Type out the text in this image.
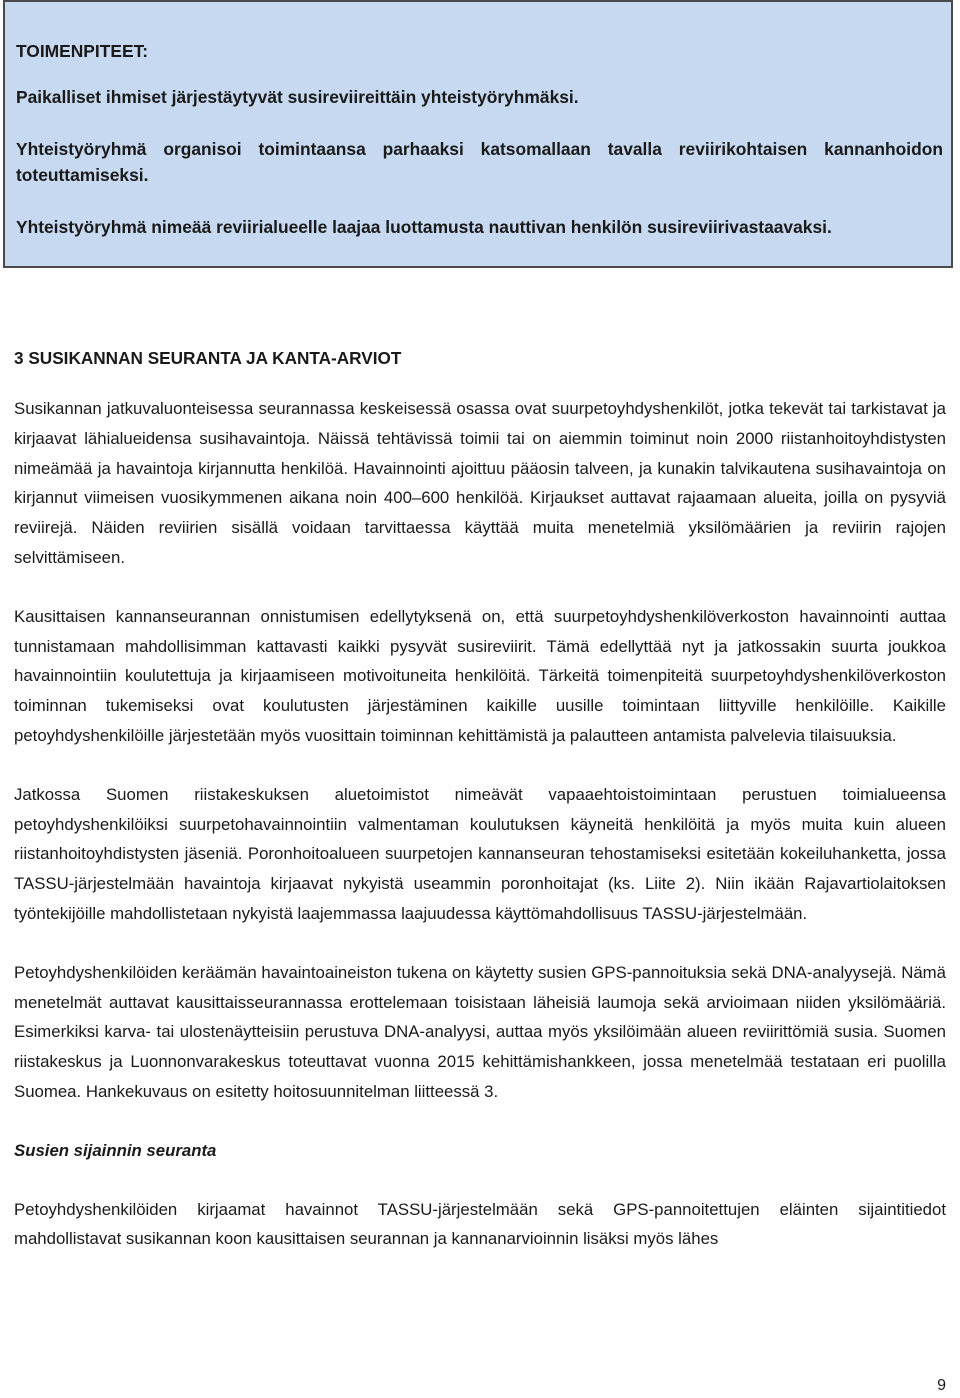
TOIMENPITEET:

Paikalliset ihmiset järjestäytyvät susireviireittäin yhteistyöryhmäksi.

Yhteistyöryhmä organisoi toimintaansa parhaaksi katsomallaan tavalla reviirikohtaisen kannanhoidon toteuttamiseksi.

Yhteistyöryhmä nimeää reviirialueelle laajaa luottamusta nauttivan henkilön susireviirivastaavaksi.

3 SUSIKANNAN SEURANTA JA KANTA-ARVIOT

Susikannan jatkuvaluonteisessa seurannassa keskeisessä osassa ovat suurpetoyhdyshenkilöt, jotka tekevät tai tarkistavat ja kirjaavat lähialueidensa susihavaintoja. Näissä tehtävissä toimii tai on aiemmin toiminut noin 2000 riistanhoitoyhdistysten nimeämää ja havaintoja kirjannutta henkilöä. Havainnointi ajoittuu pääosin talveen, ja kunakin talvikautena susihavaintoja on kirjannut viimeisen vuosikymmenen aikana noin 400–600 henkilöä. Kirjaukset auttavat rajaamaan alueita, joilla on pysyviä reviirejä. Näiden reviirien sisällä voidaan tarvittaessa käyttää muita menetelmiä yksilömäärien ja reviirin rajojen selvittämiseen.

Kausittaisen kannanseurannan onnistumisen edellytyksenä on, että suurpetoyhdyshenkilöverkoston havainnointi auttaa tunnistamaan mahdollisimman kattavasti kaikki pysyvät susireviirit. Tämä edellyttää nyt ja jatkossakin suurta joukkoa havainnointiin koulutettuja ja kirjaamiseen motivoituneita henkilöitä. Tärkeitä toimenpiteitä suurpetoyhdyshenkilöverkoston toiminnan tukemiseksi ovat koulutusten järjestäminen kaikille uusille toimintaan liittyville henkilöille. Kaikille petoyhdyshenkilöille järjestetään myös vuosittain toiminnan kehittämistä ja palautteen antamista palvelevia tilaisuuksia.

Jatkossa Suomen riistakeskuksen aluetoimistot nimeävät vapaaehtoistoimintaan perustuen toimialueensa petoyhdyshenkilöiksi suurpetohavainnointiin valmentaman koulutuksen käyneitä henkilöitä ja myös muita kuin alueen riistanhoitoyhdistysten jäseniä. Poronhoitoalueen suurpetojen kannanseuran tehostamiseksi esitetään kokeiluhanketta, jossa TASSU-järjestelmään havaintoja kirjaavat nykyistä useammin poronhoitajat (ks. Liite 2). Niin ikään Rajavartiolaitoksen työntekijöille mahdollistetaan nykyistä laajemmassa laajuudessa käyttömahdollisuus TASSU-järjestelmään.

Petoyhdyshenkilöiden keräämän havaintoaineiston tukena on käytetty susien GPS-pannoituksia sekä DNA-analyysejä. Nämä menetelmät auttavat kausittaisseurannassa erottelemaan toisistaan läheisiä laumoja sekä arvioimaan niiden yksilömääriä. Esimerkiksi karva- tai ulostenäytteisiin perustuva DNA-analyysi, auttaa myös yksilöimään alueen reviirittömiä susia. Suomen riistakeskus ja Luonnonvarakeskus toteuttavat vuonna 2015 kehittämishankkeen, jossa menetelmää testataan eri puolilla Suomea. Hankekuvaus on esitetty hoitosuunnitelman liitteessä 3.

Susien sijainnin seuranta

Petoyhdyshenkilöiden kirjaamat havainnot TASSU-järjestelmään sekä GPS-pannoitettujen eläinten sijaintitiedot mahdollistavat susikannan koon kausittaisen seurannan ja kannanarvioinnin lisäksi myös lähes

9
